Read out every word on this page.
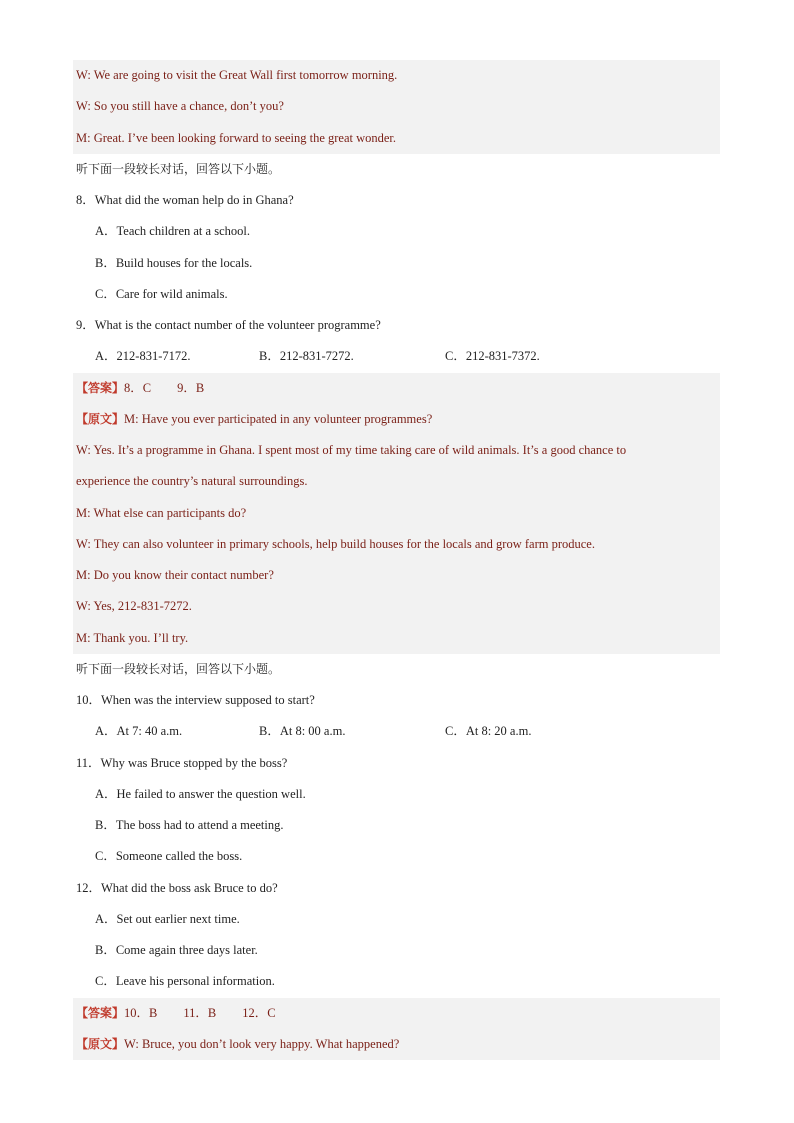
W: We are going to visit the Great Wall first tomorrow morning.
W: So you still have a chance, don’t you?
M: Great. I’ve been looking forward to seeing the great wonder.
听下面一段较长对话，回答以下小题。
8．What did the woman help do in Ghana?
A．Teach children at a school.
B．Build houses for the locals.
C．Care for wild animals.
9．What is the contact number of the volunteer programme?
A．212-831-7172.	B．212-831-7272.	C．212-831-7372.
【答案】8．C 9．B
【原文】M: Have you ever participated in any volunteer programmes?
W: Yes. It’s a programme in Ghana. I spent most of my time taking care of wild animals. It’s a good chance to
experience the country’s natural surroundings.
M: What else can participants do?
W: They can also volunteer in primary schools, help build houses for the locals and grow farm produce.
M: Do you know their contact number?
W: Yes, 212-831-7272.
M: Thank you. I’ll try.
听下面一段较长对话，回答以下小题。
10．When was the interview supposed to start?
A．At 7: 40 a.m.	B．At 8: 00 a.m.	C．At 8: 20 a.m.
11．Why was Bruce stopped by the boss?
A．He failed to answer the question well.
B．The boss had to attend a meeting.
C．Someone called the boss.
12．What did the boss ask Bruce to do?
A．Set out earlier next time.
B．Come again three days later.
C．Leave his personal information.
【答案】10．B 11．B 12．C
【原文】W: Bruce, you don’t look very happy. What happened?
